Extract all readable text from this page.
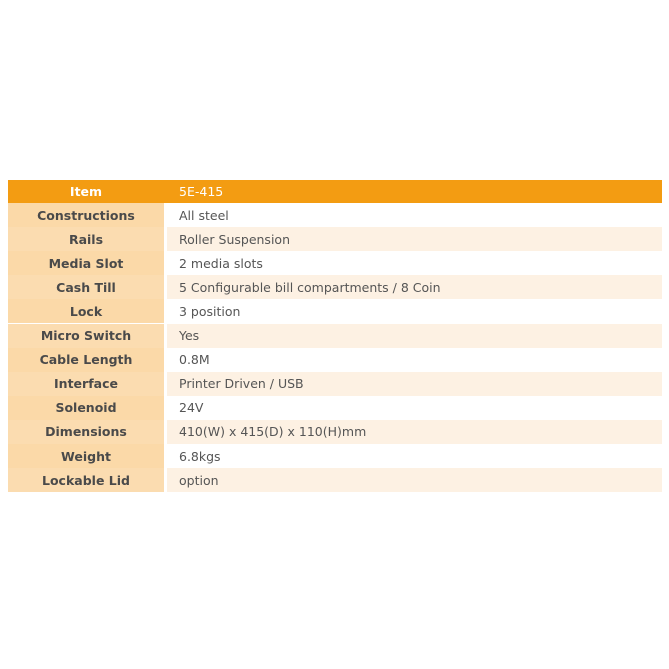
Item	5E-415
Constructions	All steel
Rails	Roller Suspension
Media Slot	2 media slots
Cash Till	5 Configurable bill compartments / 8 Coin
Lock	3 position
Micro Switch	Yes
Cable Length	0.8M
Interface	Printer Driven / USB
Solenoid	24V
Dimensions	410(W) x 415(D) x 110(H)mm
Weight	6.8kgs
Lockable Lid	option
